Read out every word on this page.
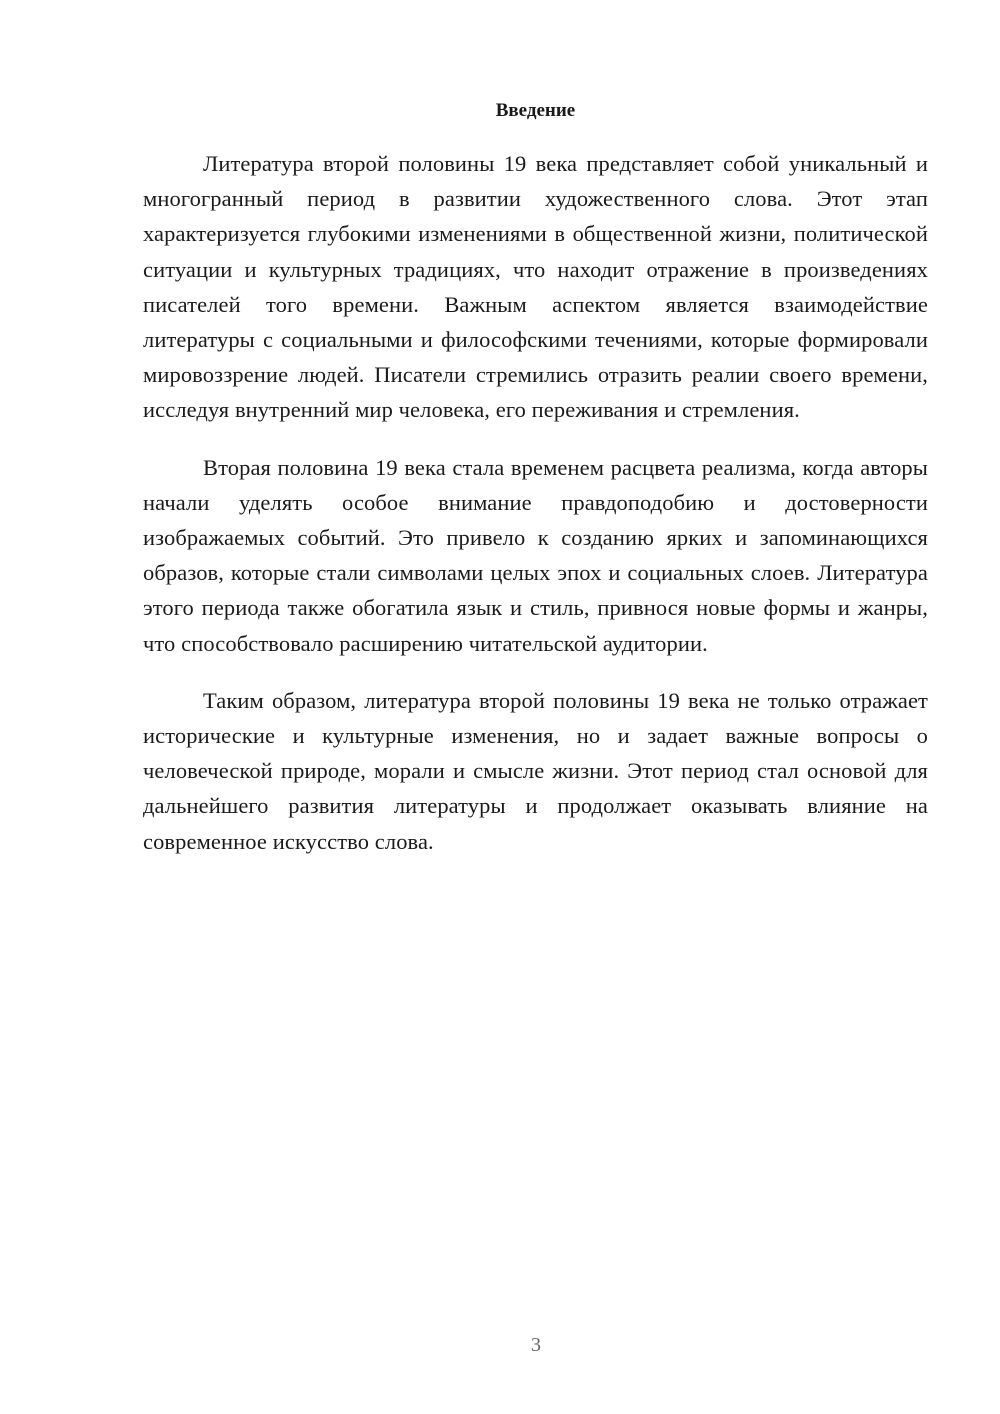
Введение

Литература второй половины 19 века представляет собой уникальный и многогранный период в развитии художественного слова. Этот этап характеризуется глубокими изменениями в общественной жизни, политической ситуации и культурных традициях, что находит отражение в произведениях писателей того времени. Важным аспектом является взаимодействие литературы с социальными и философскими течениями, которые формировали мировоззрение людей. Писатели стремились отразить реалии своего времени, исследуя внутренний мир человека, его переживания и стремления.

Вторая половина 19 века стала временем расцвета реализма, когда авторы начали уделять особое внимание правдоподобию и достоверности изображаемых событий. Это привело к созданию ярких и запоминающихся образов, которые стали символами целых эпох и социальных слоев. Литература этого периода также обогатила язык и стиль, привнося новые формы и жанры, что способствовало расширению читательской аудитории.

Таким образом, литература второй половины 19 века не только отражает исторические и культурные изменения, но и задает важные вопросы о человеческой природе, морали и смысле жизни. Этот период стал основой для дальнейшего развития литературы и продолжает оказывать влияние на современное искусство слова.

3
